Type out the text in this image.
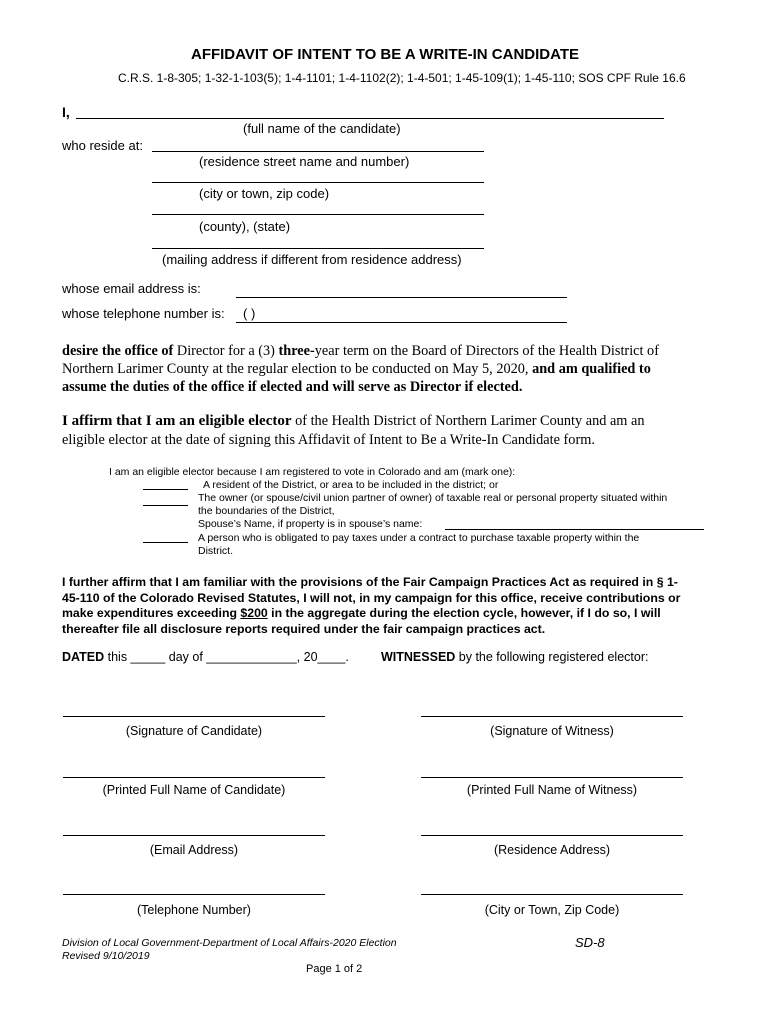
AFFIDAVIT OF INTENT TO BE A WRITE-IN CANDIDATE
C.R.S. 1-8-305; 1-32-1-103(5); 1-4-1101; 1-4-1102(2); 1-4-501; 1-45-109(1); 1-45-110; SOS CPF Rule 16.6
I,
(full name of the candidate)
who reside at:
(residence street name and number)
(city or town, zip code)
(county), (state)
(mailing address if different from residence address)
whose email address is:
whose telephone number is: ( )
desire the office of Director for a (3) three-year term on the Board of Directors of the Health District of
Northern Larimer County at the regular election to be conducted on May 5, 2020, and am qualified to
assume the duties of the office if elected and will serve as Director if elected.
I affirm that I am an eligible elector of the Health District of Northern Larimer County and am an
eligible elector at the date of signing this Affidavit of Intent to Be a Write-In Candidate form.
I am an eligible elector because I am registered to vote in Colorado and am (mark one):
A resident of the District, or area to be included in the district; or
The owner (or spouse/civil union partner of owner) of taxable real or personal property situated within
the boundaries of the District,
Spouse’s Name, if property is in spouse’s name:
A person who is obligated to pay taxes under a contract to purchase taxable property within the
District.
I further affirm that I am familiar with the provisions of the Fair Campaign Practices Act as required in § 1-
45-110 of the Colorado Revised Statutes, I will not, in my campaign for this office, receive contributions or
make expenditures exceeding $200 in the aggregate during the election cycle, however, if I do so, I will
thereafter file all disclosure reports required under the fair campaign practices act.
DATED this _____ day of _____________, 20____.	WITNESSED by the following registered elector:
(Signature of Candidate)
(Printed Full Name of Candidate)
(Email Address)
(Telephone Number)
(Signature of Witness)
(Printed Full Name of Witness)
(Residence Address)
(City or Town, Zip Code)
Division of Local Government-Department of Local Affairs-2020 Election
Revised 9/10/2019
SD-8
Page 1 of 2
